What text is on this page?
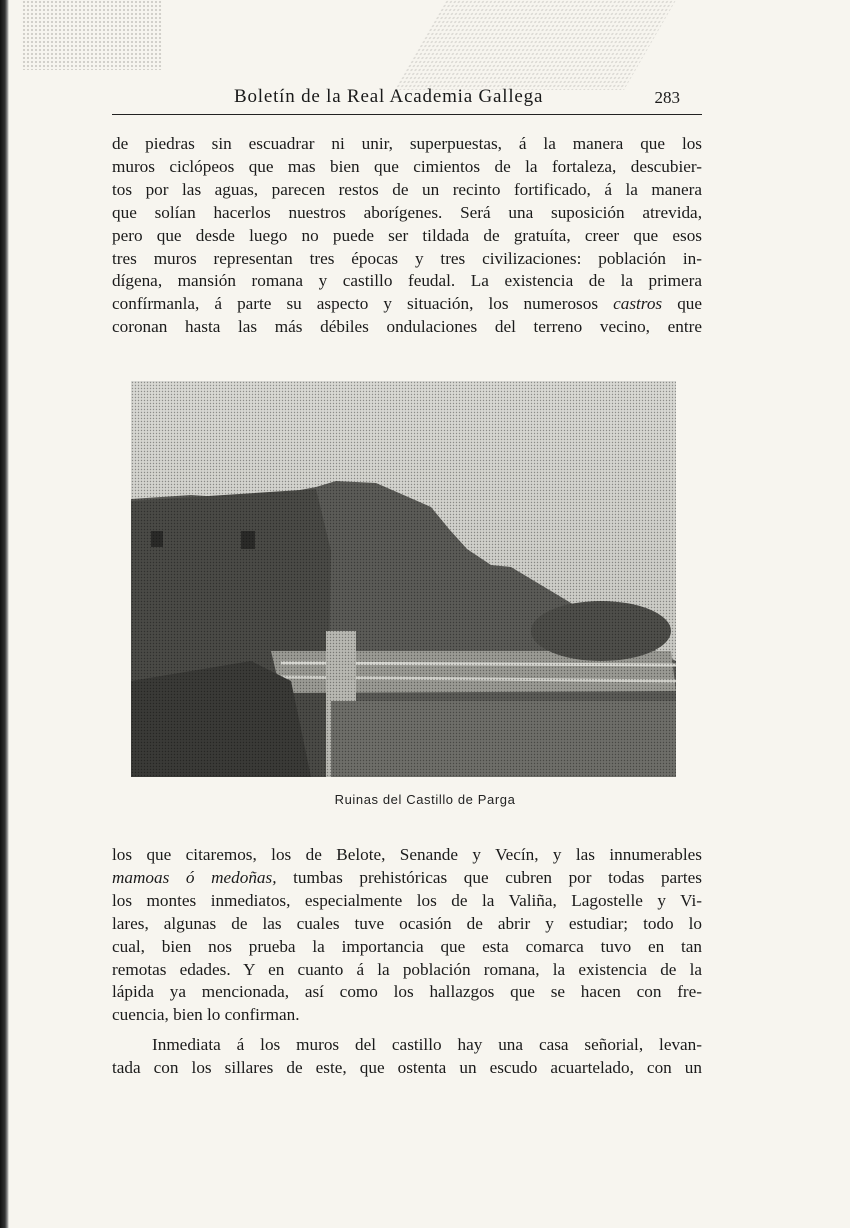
Boletín de la Real Academia Gallega	283
de piedras sin escuadrar ni unir, superpuestas, á la manera que los
muros ciclópeos que mas bien que cimientos de la fortaleza, descubier-
tos por las aguas, parecen restos de un recinto fortificado, á la manera
que solían hacerlos nuestros aborígenes. Será una suposición atrevida,
pero que desde luego no puede ser tildada de gratuíta, creer que esos
tres muros representan tres épocas y tres civilizaciones: población in-
dígena, mansión romana y castillo feudal. La existencia de la primera
confírmanla, á parte su aspecto y situación, los numerosos castros que
coronan hasta las más débiles ondulaciones del terreno vecino, entre
Ruinas del Castillo de Parga
los que citaremos, los de Belote, Senande y Vecín, y las innumerables
mamoas ó medoñas, tumbas prehistóricas que cubren por todas partes
los montes inmediatos, especialmente los de la Valiña, Lagostelle y Vi-
lares, algunas de las cuales tuve ocasión de abrir y estudiar; todo lo
cual, bien nos prueba la importancia que esta comarca tuvo en tan
remotas edades. Y en cuanto á la población romana, la existencia de la
lápida ya mencionada, así como los hallazgos que se hacen con fre-
cuencia, bien lo confirman.
Inmediata á los muros del castillo hay una casa señorial, levan-
tada con los sillares de este, que ostenta un escudo acuartelado, con un
